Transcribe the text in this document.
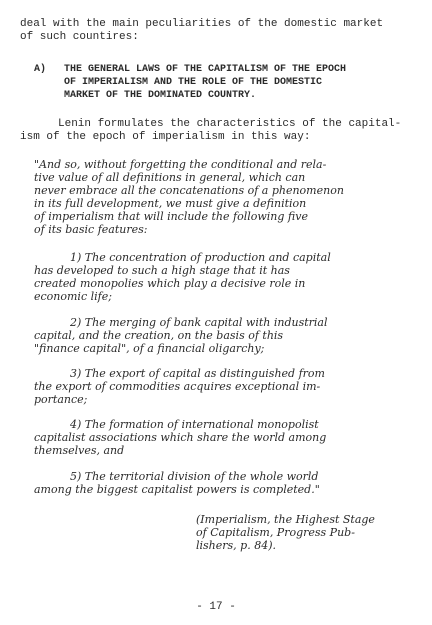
deal with the main peculiarities of the domestic market
of such countires:
A) THE GENERAL LAWS OF THE CAPITALISM OF THE EPOCH
OF IMPERIALISM AND THE ROLE OF THE DOMESTIC
MARKET OF THE DOMINATED COUNTRY.
Lenin formulates the characteristics of the capital-
ism of the epoch of imperialism in this way:
"And so, without forgetting the conditional and rela-
tive value of all definitions in general, which can
never embrace all the concatenations of a phenomenon
in its full development, we must give a definition
of imperialism that will include the following five
of its basic features:
1) The concentration of production and capital
has developed to such a high stage that it has
created monopolies which play a decisive role in
economic life;
2) The merging of bank capital with industrial
capital, and the creation, on the basis of this
"finance capital", of a financial oligarchy;
3) The export of capital as distinguished from
the export of commodities acquires exceptional im-
portance;
4) The formation of international monopolist
capitalist associations which share the world among
themselves, and
5) The territorial division of the whole world
among the biggest capitalist powers is completed."
(Imperialism, the Highest Stage
of Capitalism, Progress Pub-
lishers, p. 84).
- 17 -
